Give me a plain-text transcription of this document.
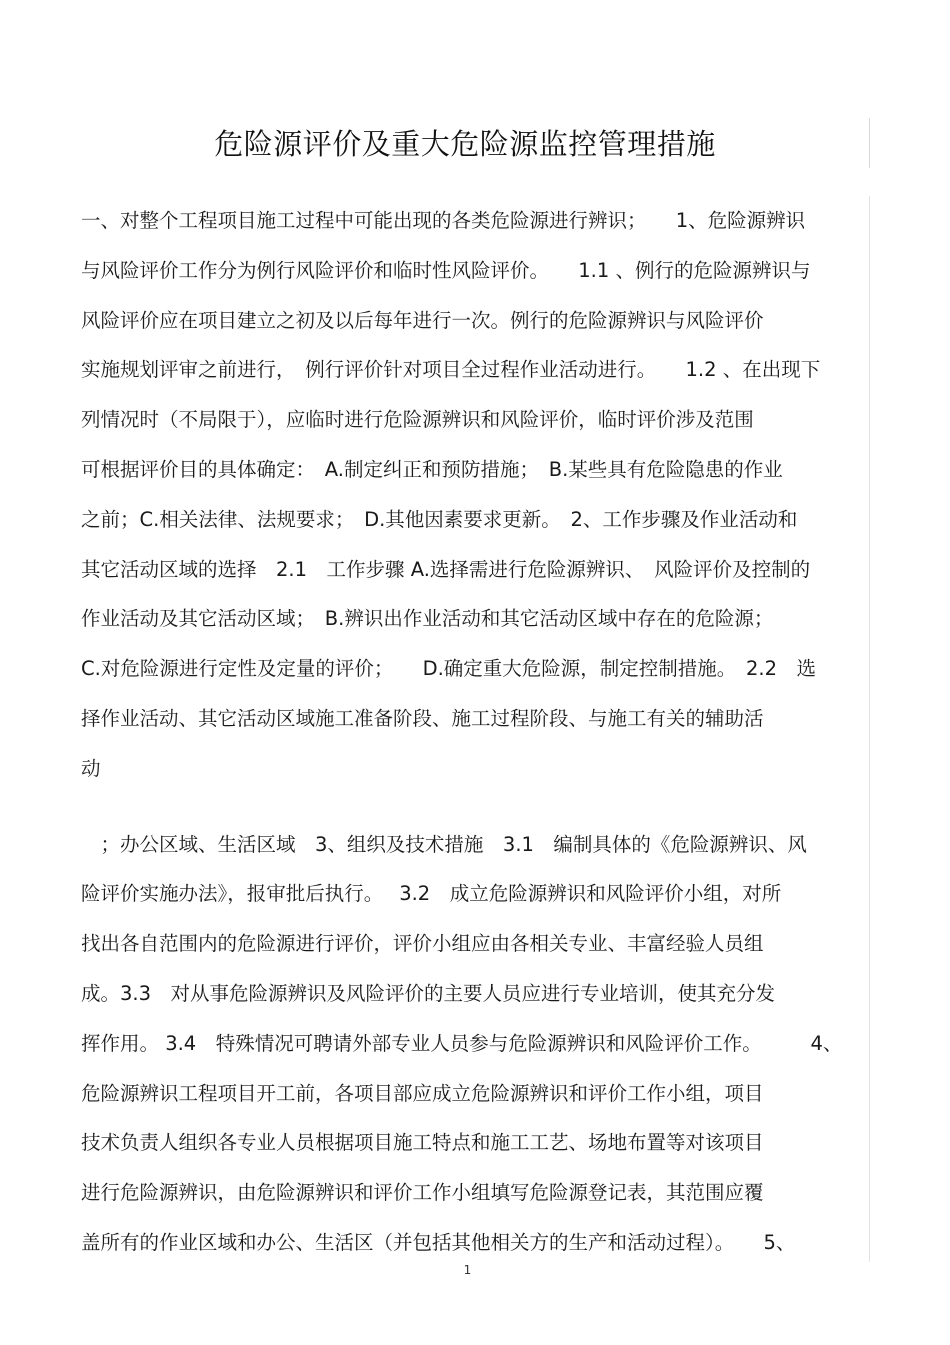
危险源评价及重大危险源监控管理措施
一、对整个工程项目施工过程中可能出现的各类危险源进行辨识；　　1、危险源辨识
与风险评价工作分为例行风险评价和临时性风险评价。　　1.1 、例行的危险源辨识与
风险评价应在项目建立之初及以后每年进行一次。例行的危险源辨识与风险评价
实施规划评审之前进行，　例行评价针对项目全过程作业活动进行。　　1.2 、在出现下
列情况时（不局限于），应临时进行危险源辨识和风险评价，临时评价涉及范围
可根据评价目的具体确定：　A.制定纠正和预防措施；　B.某些具有危险隐患的作业
之前；C.相关法律、法规要求；　D.其他因素要求更新。　2、工作步骤及作业活动和
其它活动区域的选择　2.1　工作步骤 A.选择需进行危险源辨识、　风险评价及控制的
作业活动及其它活动区域；　B.辨识出作业活动和其它活动区域中存在的危险源；
C.对危险源进行定性及定量的评价；　　D.确定重大危险源，制定控制措施。　2.2　选
择作业活动、其它活动区域施工准备阶段、施工过程阶段、与施工有关的辅助活
动
　；办公区域、生活区域　3、组织及技术措施　3.1　编制具体的《危险源辨识、风
险评价实施办法》，报审批后执行。　 3.2　成立危险源辨识和风险评价小组，对所
找出各自范围内的危险源进行评价，评价小组应由各相关专业、丰富经验人员组
成。3.3　对从事危险源辨识及风险评价的主要人员应进行专业培训，使其充分发
挥作用。 3.4　特殊情况可聘请外部专业人员参与危险源辨识和风险评价工作。　　　4、
危险源辨识工程项目开工前，各项目部应成立危险源辨识和评价工作小组，项目
技术负责人组织各专业人员根据项目施工特点和施工工艺、场地布置等对该项目
进行危险源辨识，由危险源辨识和评价工作小组填写危险源登记表，其范围应覆
盖所有的作业区域和办公、生活区（并包括其他相关方的生产和活动过程）。　　5、
1
